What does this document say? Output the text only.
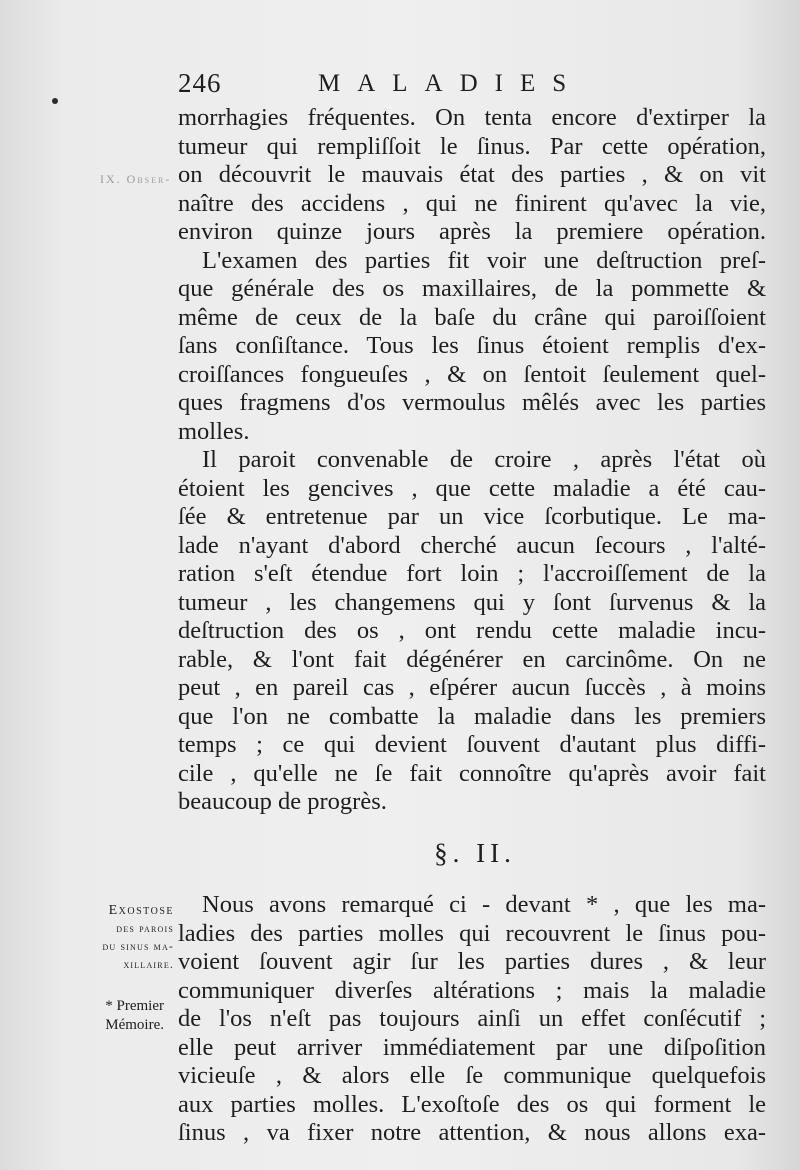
246	MALADIES
IX. Obser-
morrhagies fréquentes. On tenta encore d'extirper la
tumeur qui rempliſſoit le ſinus. Par cette opération,
on découvrit le mauvais état des parties , & on vit
naître des accidens , qui ne finirent qu'avec la vie,
environ quinze jours après la premiere opération.
L'examen des parties fit voir une deſtruction preſ-
que générale des os maxillaires, de la pommette &
même de ceux de la baſe du crâne qui paroiſſoient
ſans conſiſtance. Tous les ſinus étoient remplis d'ex-
croiſſances fongueuſes , & on ſentoit ſeulement quel-
ques fragmens d'os vermoulus mêlés avec les parties
molles.
Il paroit convenable de croire , après l'état où
étoient les gencives , que cette maladie a été cau-
ſée & entretenue par un vice ſcorbutique. Le ma-
lade n'ayant d'abord cherché aucun ſecours , l'alté-
ration s'eſt étendue fort loin ; l'accroiſſement de la
tumeur , les changemens qui y ſont ſurvenus & la
deſtruction des os , ont rendu cette maladie incu-
rable, & l'ont fait dégénérer en carcinôme. On ne
peut , en pareil cas , eſpérer aucun ſuccès , à moins
que l'on ne combatte la maladie dans les premiers
temps ; ce qui devient ſouvent d'autant plus diffi-
cile , qu'elle ne ſe fait connoître qu'après avoir fait
beaucoup de progrès.
§. II.
Exostose
des parois
du sinus ma-
xillaire.
* Premier
Mémoire.
Nous avons remarqué ci - devant * , que les ma-
ladies des parties molles qui recouvrent le ſinus pou-
voient ſouvent agir ſur les parties dures , & leur
communiquer diverſes altérations ; mais la maladie
de l'os n'eſt pas toujours ainſi un effet conſécutif ;
elle peut arriver immédiatement par une diſpoſition
vicieuſe , & alors elle ſe communique quelquefois
aux parties molles. L'exoſtoſe des os qui forment le
ſinus , va fixer notre attention, & nous allons exa-
